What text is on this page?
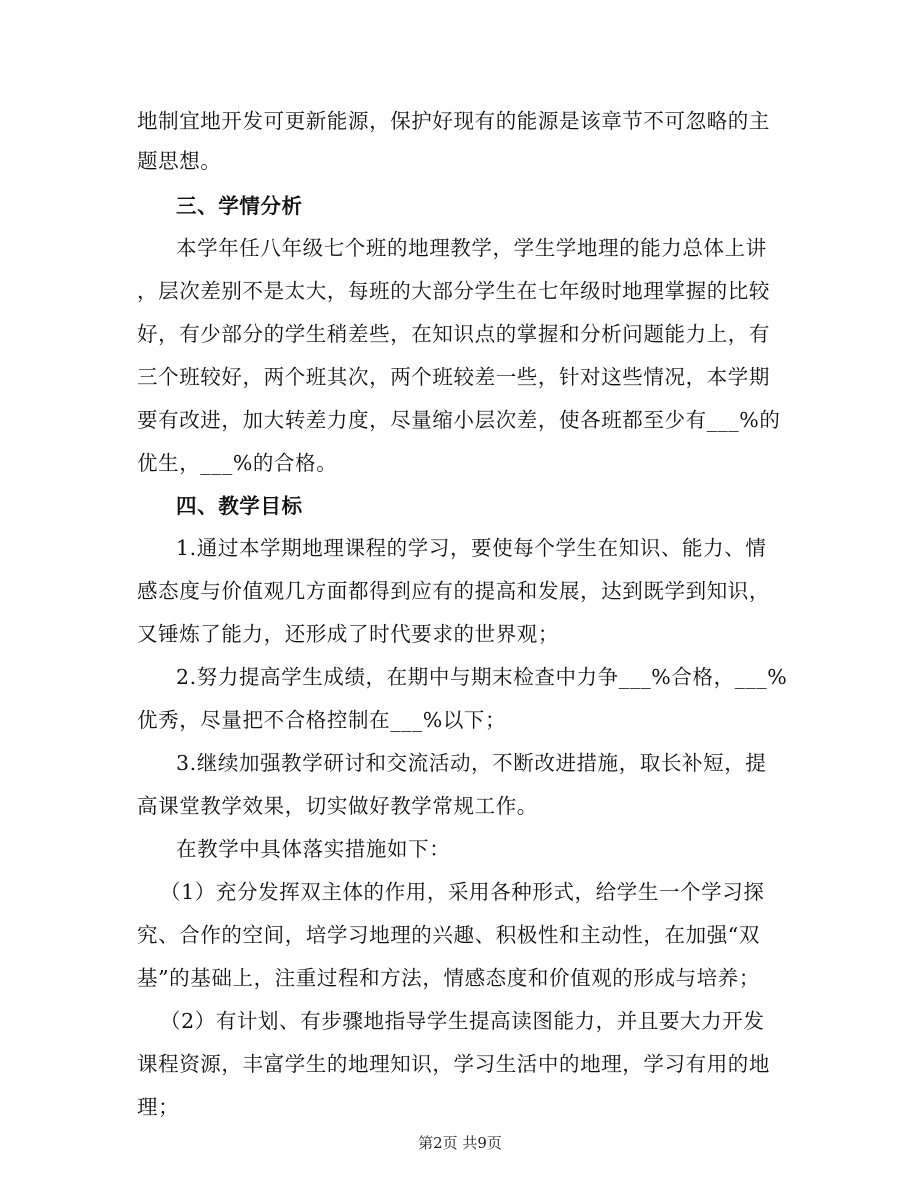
地制宜地开发可更新能源，保护好现有的能源是该章节不可忽略的主
题思想。
三、学情分析
本学年任八年级七个班的地理教学，学生学地理的能力总体上讲
，层次差别不是太大，每班的大部分学生在七年级时地理掌握的比较
好，有少部分的学生稍差些，在知识点的掌握和分析问题能力上，有
三个班较好，两个班其次，两个班较差一些，针对这些情况，本学期
要有改进，加大转差力度，尽量缩小层次差，使各班都至少有___%的
优生，___%的合格。
四、教学目标
1.通过本学期地理课程的学习，要使每个学生在知识、能力、情
感态度与价值观几方面都得到应有的提高和发展，达到既学到知识，
又锤炼了能力，还形成了时代要求的世界观；
2.努力提高学生成绩，在期中与期末检查中力争___%合格，___%
优秀，尽量把不合格控制在___%以下；
3.继续加强教学研讨和交流活动，不断改进措施，取长补短，提
高课堂教学效果，切实做好教学常规工作。
在教学中具体落实措施如下：
（1）充分发挥双主体的作用，采用各种形式，给学生一个学习探
究、合作的空间，培学习地理的兴趣、积极性和主动性，在加强“双
基”的基础上，注重过程和方法，情感态度和价值观的形成与培养；
（2）有计划、有步骤地指导学生提高读图能力，并且要大力开发
课程资源，丰富学生的地理知识，学习生活中的地理，学习有用的地
理；
第2页 共9页
